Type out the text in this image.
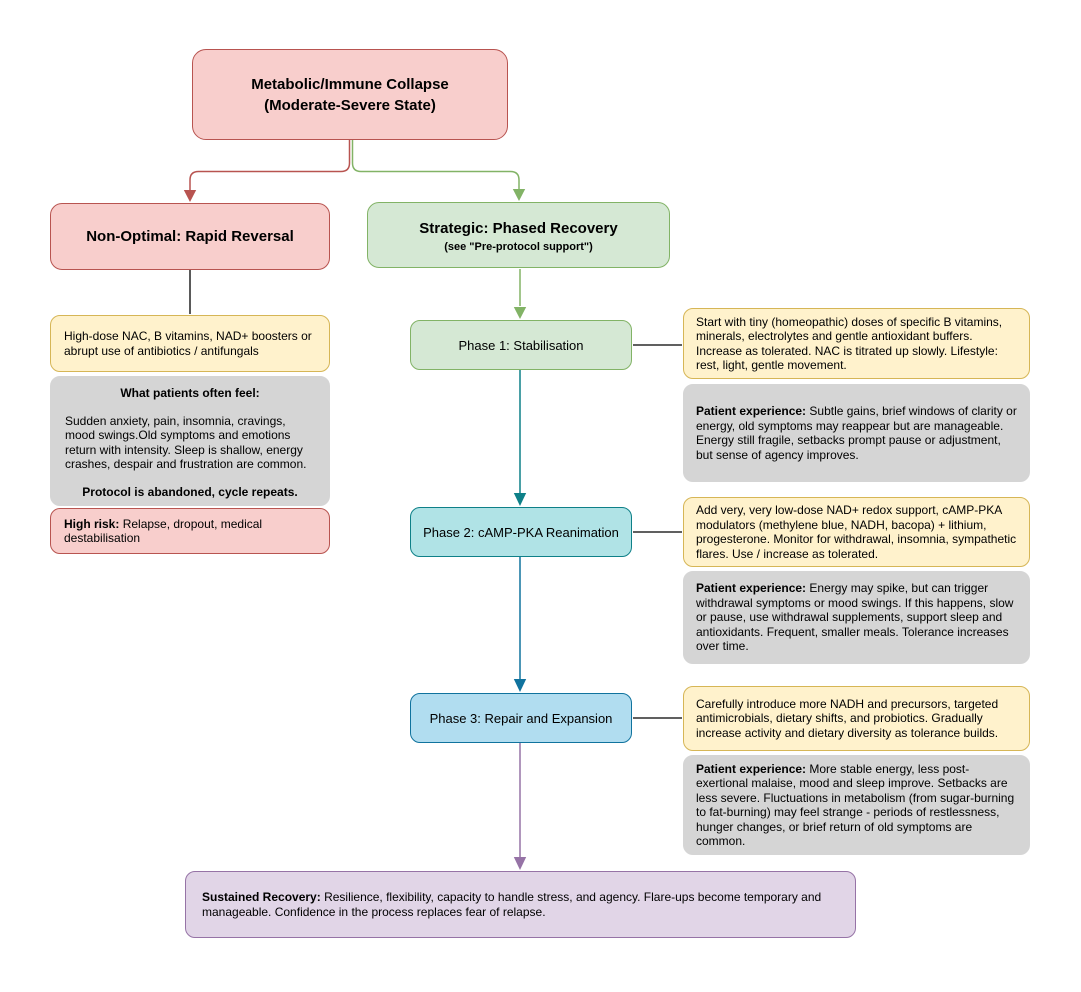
Metabolic/Immune Collapse
(Moderate-Severe State)
Non-Optimal: Rapid Reversal	Strategic: Phased Recovery
(see "Pre-protocol support")
High-dose NAC, B vitamins, NAD+ boosters or abrupt use of antibiotics / antifungals
What patients often feel:
Sudden anxiety, pain, insomnia, cravings, mood swings.Old symptoms and emotions return with intensity. Sleep is shallow, energy crashes, despair and frustration are common.
Protocol is abandoned, cycle repeats.
High risk: Relapse, dropout, medical destabilisation
Phase 1: Stabilisation
Start with tiny (homeopathic) doses of specific B vitamins, minerals, electrolytes and gentle antioxidant buffers. Increase as tolerated. NAC is titrated up slowly. Lifestyle: rest, light, gentle movement.
Patient experience: Subtle gains, brief windows of clarity or energy, old symptoms may reappear but are manageable. Energy still fragile, setbacks prompt pause or adjustment, but sense of agency improves.
Phase 2: cAMP-PKA Reanimation
Add very, very low-dose NAD+ redox support, cAMP-PKA modulators (methylene blue, NADH, bacopa) + lithium, progesterone. Monitor for withdrawal, insomnia, sympathetic flares. Use / increase as tolerated.
Patient experience: Energy may spike, but can trigger withdrawal symptoms or mood swings. If this happens, slow or pause, use withdrawal supplements, support sleep and antioxidants. Frequent, smaller meals. Tolerance increases over time.
Phase 3: Repair and Expansion
Carefully introduce more NADH and precursors, targeted antimicrobials, dietary shifts, and probiotics. Gradually increase activity and dietary diversity as tolerance builds.
Patient experience: More stable energy, less post-exertional malaise, mood and sleep improve. Setbacks are less severe. Fluctuations in metabolism (from sugar-burning to fat-burning) may feel strange - periods of restlessness, hunger changes, or brief return of old symptoms are common.
Sustained Recovery: Resilience, flexibility, capacity to handle stress, and agency. Flare-ups become temporary and manageable. Confidence in the process replaces fear of relapse.
